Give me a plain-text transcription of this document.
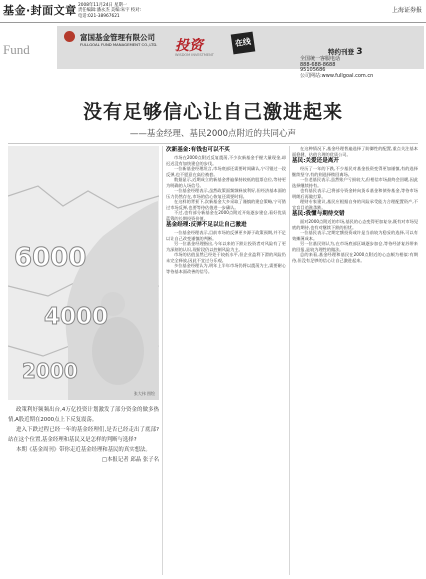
基金·封面文章 2008年11月24日 星期一
责任编辑:潘永杰 美编:朱宇 校对:
电话:021-38967621
上海证券报
Fund
富国基金管理有限公司
FULLGOAL FUND MANAGEMENT CO.,LTD. 投资
WISDOM INVESTMENT
在线
特约刊登 3
全国统一客服电话
888-688-8688
95105686
公司网站:www.fullgoal.com.cn
没有足够信心让自己激进起来
——基金经理、基民2000点附近的共同心声
6000
4000
2000
张大伟 图绘

政策利好频频出台,4万亿投资计划激发了部分资金的做多热情,A股近期在2000点上下反复震荡。

进入下跌过程已经一年的基金经理们,是否已经走出了底部?站在这个位置,基金经理和基民又是怎样的判断与选择?

本期《基金周刊》带你走近基金经理和基民的真实想法。

□本报记者 邱晶 张子名

次新基金:有钱也可以不买

市场在2000点附近反复震荡,不少次新基金手握大量现金,却迟迟没有加快建仓的步伐。

一位新基金经理坦言,市场底部还需要时间确认,宁可错过一段反弹,也不愿意在高位被套。

数据显示,近期成立的新基金普遍保持较低的股票仓位,等待更为明确的入场信号。

一位基金经理表示,虽然政策面频频释放利好,但经济基本面的压力仍然存在,市场的信心恢复还需要时间。

在这样的背景下,次新基金大多采取了谨慎的建仓策略,宁可错过市场反弹,也要等待估值进一步确认。

不过,也有部分新基金在2000点附近开始逐步建仓,看好优质蓝筹的长期投资价值。

基金经理:反弹不足以让自己激进

一位基金经理表示,目前市场的反弹更多源于政策预期,并不足以让自己改变谨慎的判断。

另一位基金经理指出,今年以来的下跌让投资者对风险有了更为深刻的认识,现阶段仍以控制风险为主。

市场的估值虽然已经处于较低水平,但企业盈利下滑的风险仍未完全释放,因此不宜过分乐观。

多位基金经理认为,明年上半年市场仍将以震荡为主,需要耐心等待基本面改善的信号。

在这种情况下,基金经理普遍选择了防御性的配置,重点关注基本面稳健、估值合理的优质公司。

基民:关爱还是离开

经历了一年的下跌,不少基民对基金投资变得更加谨慎,有的选择继续坚守,有的则选择赎回离场。

一位老基民表示,虽然账户亏损较大,但相信市场最终会回暖,因此选择继续持有。

也有基民表示,已将部分资金转向货币基金和债券基金,等待市场明朗后再做打算。

理财专家建议,基民应根据自身的风险承受能力合理配置资产,不宜盲目追涨杀跌。

基民:我懂与期待交错

面对2000点附近的市场,基民的心态变得更加复杂,既有对市场见底的期待,也有对继续下跌的担忧。

一位基民表示,定期定额投资或许是当前较为稳妥的选择,可以有效摊薄成本。

另一位基民则认为,在市场底部区域逐步加仓,等待经济复苏带来的回报,是较为理性的做法。

总的来看,基金经理和基民在2000点附近的心态颇为相似:有期待,但没有足够的信心让自己激进起来。
